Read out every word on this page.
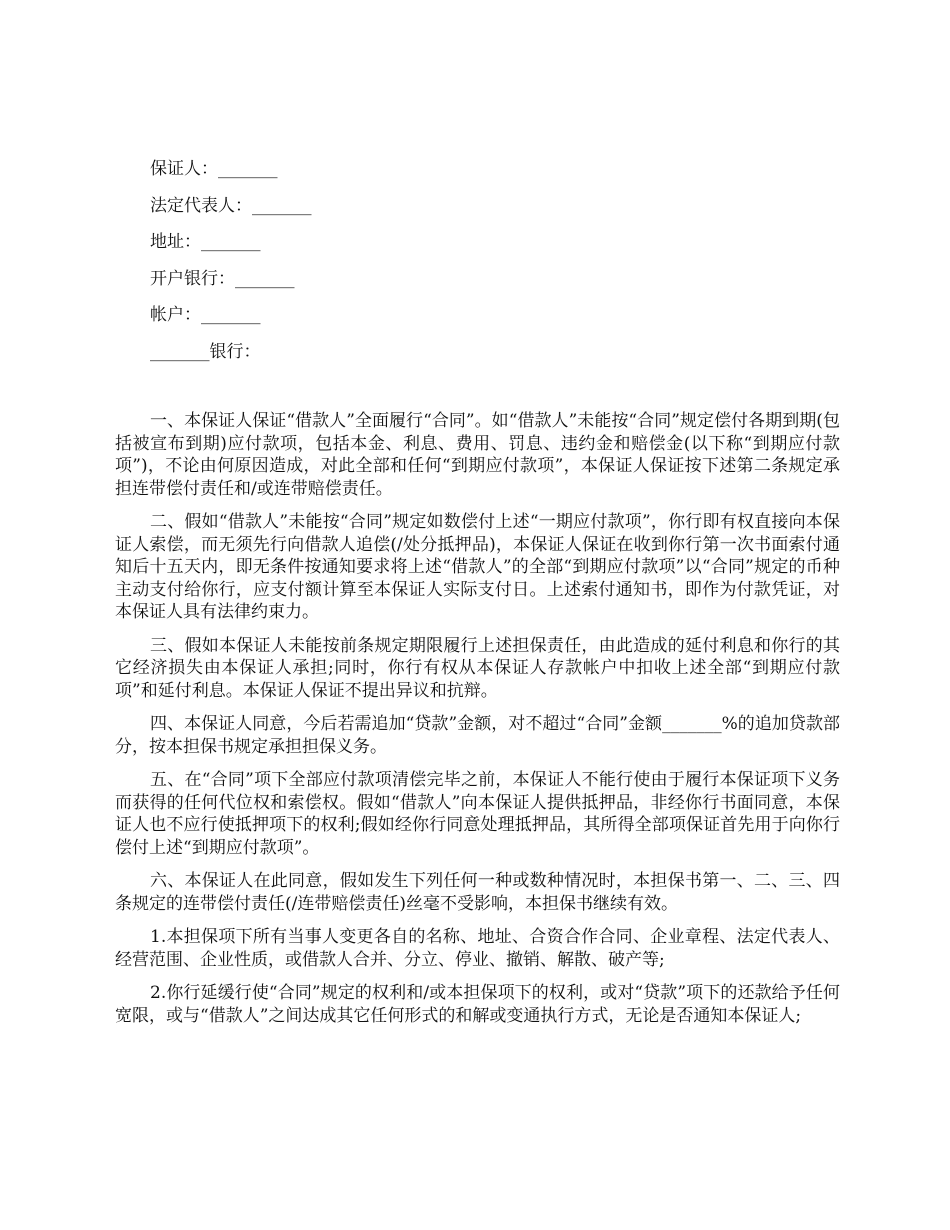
保证人：_______
法定代表人：_______
地址：_______
开户银行：_______
帐户：_______
_______银行：

一、本保证人保证“借款人”全面履行“合同”。如“借款人”未能按“合同”规定偿付各期到期(包括被宣布到期)应付款项，包括本金、利息、费用、罚息、违约金和赔偿金(以下称“到期应付款项”)，不论由何原因造成，对此全部和任何“到期应付款项”，本保证人保证按下述第二条规定承担连带偿付责任和/或连带赔偿责任。

二、假如“借款人”未能按“合同”规定如数偿付上述“一期应付款项”，你行即有权直接向本保证人索偿，而无须先行向借款人追偿(/处分抵押品)，本保证人保证在收到你行第一次书面索付通知后十五天内，即无条件按通知要求将上述“借款人”的全部“到期应付款项”以“合同”规定的币种主动支付给你行，应支付额计算至本保证人实际支付日。上述索付通知书，即作为付款凭证，对本保证人具有法律约束力。

三、假如本保证人未能按前条规定期限履行上述担保责任，由此造成的延付利息和你行的其它经济损失由本保证人承担;同时，你行有权从本保证人存款帐户中扣收上述全部“到期应付款项”和延付利息。本保证人保证不提出异议和抗辩。

四、本保证人同意，今后若需追加“贷款”金额，对不超过“合同”金额_______%的追加贷款部分，按本担保书规定承担担保义务。

五、在“合同”项下全部应付款项清偿完毕之前，本保证人不能行使由于履行本保证项下义务而获得的任何代位权和索偿权。假如“借款人”向本保证人提供抵押品，非经你行书面同意，本保证人也不应行使抵押项下的权利;假如经你行同意处理抵押品，其所得全部项保证首先用于向你行偿付上述“到期应付款项”。

六、本保证人在此同意，假如发生下列任何一种或数种情况时，本担保书第一、二、三、四条规定的连带偿付责任(/连带赔偿责任)丝毫不受影响，本担保书继续有效。

1.本担保项下所有当事人变更各自的名称、地址、合资合作合同、企业章程、法定代表人、经营范围、企业性质，或借款人合并、分立、停业、撤销、解散、破产等;

2.你行延缓行使“合同”规定的权利和/或本担保项下的权利，或对“贷款”项下的还款给予任何宽限，或与“借款人”之间达成其它任何形式的和解或变通执行方式，无论是否通知本保证人;
